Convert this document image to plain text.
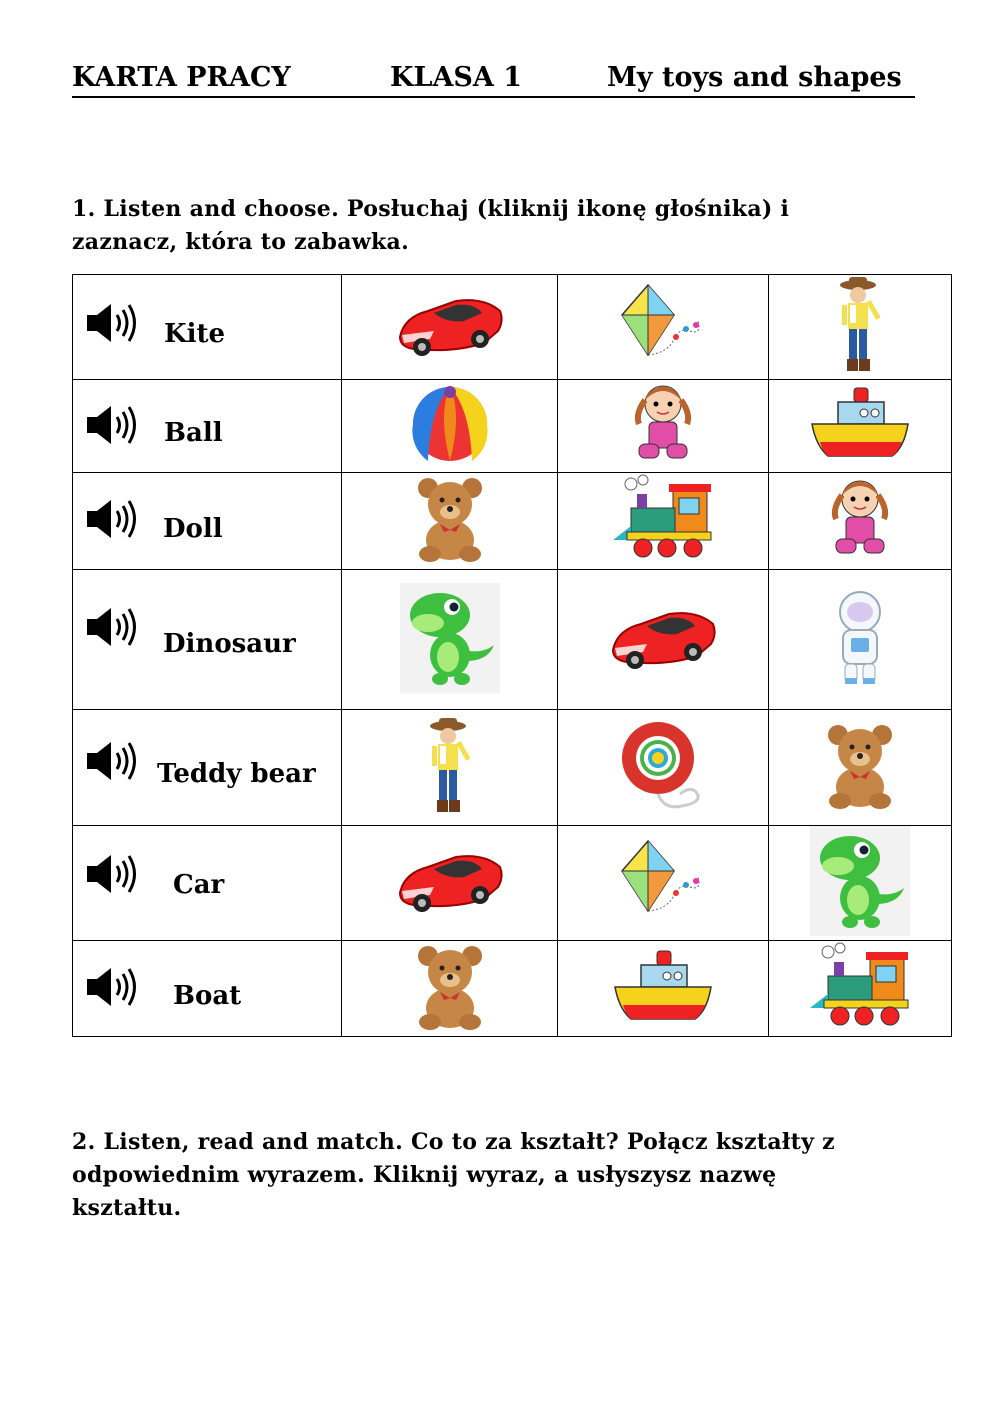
KARTA PRACY	KLASA 1	My toys and shapes
1. Listen and choose. Posłuchaj (kliknij ikonę głośnika) i
zaznacz, która to zabawka.
Kite

Ball

Doll

Dinosaur

Teddy bear

Car

Boat

2. Listen, read and match. Co to za kształt? Połącz kształty z
odpowiednim wyrazem. Kliknij wyraz, a usłyszysz nazwę
kształtu.
